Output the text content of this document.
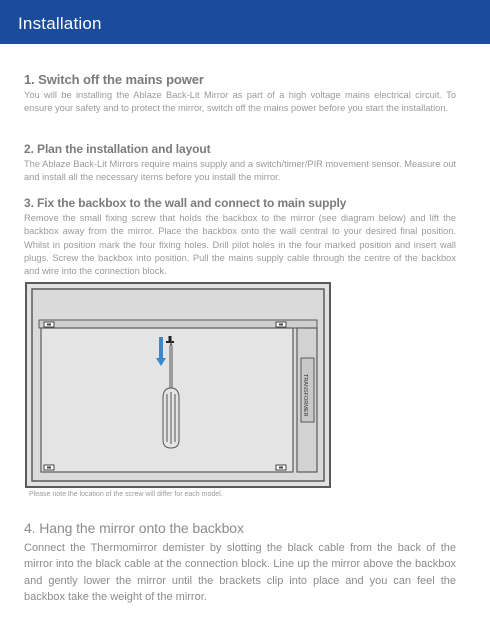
Installation
1. Switch off the mains power

You will be installing the Ablaze Back-Lit Mirror as part of a high voltage mains electrical circuit. To ensure your safety and to protect the mirror, switch off the mains power before you start the installation.

2. Plan the installation and layout

The Ablaze Back-Lit Mirrors require mains supply and a switch/timer/PIR movement sensor. Measure out and install all the necessary items before you install the mirror.

3. Fix the backbox to the wall and connect to main supply

Remove the small fixing screw that holds the backbox to the mirror (see diagram below) and lift the backbox away from the mirror. Place the backbox onto the wall central to your desired final position. Whilst in position mark the four fixing holes. Drill pilot holes in the four marked position and insert wall plugs. Screw the backbox into position. Pull the mains supply cable through the centre of the backbox and wire into the connection block.

TRANSFORMER
Please note the location of the screw will differ for each model.
4. Hang the mirror onto the backbox

Connect the Thermomirror demister by slotting the black cable from the back of the mirror into the black cable at the connection block. Line up the mirror above the backbox and gently lower the mirror until the brackets clip into place and you can feel the backbox take the weight of the mirror.
